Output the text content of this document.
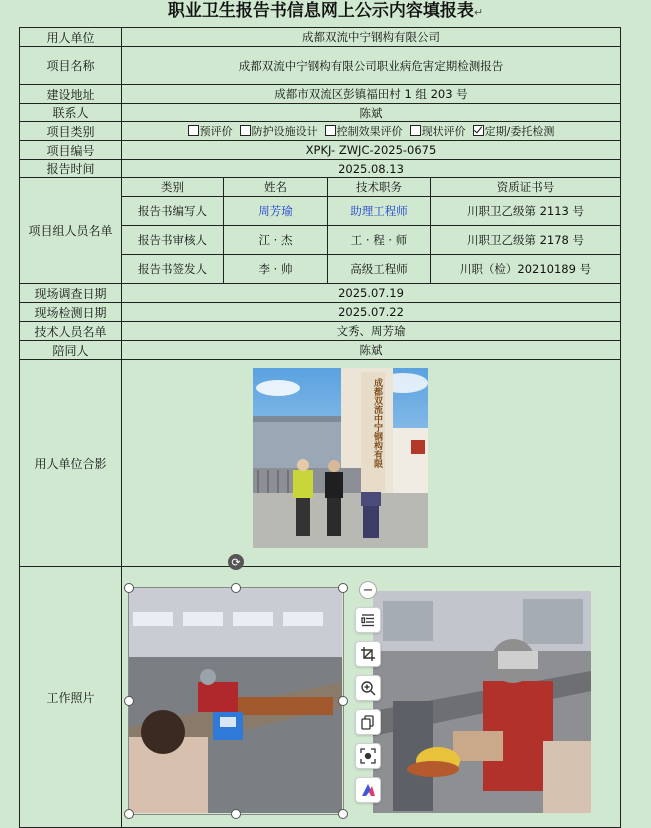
职业卫生报告书信息网上公示内容填报表↵
用人单位	成都双流中宁钢构有限公司			
项目名称	成都双流中宁钢构有限公司职业病危害定期检测报告			
建设地址	成都市双流区彭镇福田村 1 组 203 号			
联系人	陈斌			
项目类别	预评价 防护设施设计 控制效果评价 现状评价 定期/委托检测			
项目编号	XPKJ- ZWJC-2025-0675			
报告时间	2025.08.13			
项目组人员名单	类别	姓名	技术职务	资质证书号
	报告书编写人	周芳瑜	助理工程师	川职卫乙级第 2113 号
	报告书审核人	江 · 杰	工 · 程 · 师	川职卫乙级第 2178 号
	报告书签发人	李 · 帅	高级工程师	川职（检）20210189 号
现场调查日期	2025.07.19			
现场检测日期	2025.07.22			
技术人员名单	文秀、周芳瑜			
陪同人	陈斌			
用人单位合影	成都双流中宁钢构有限			

工作照片	⟳
−			
